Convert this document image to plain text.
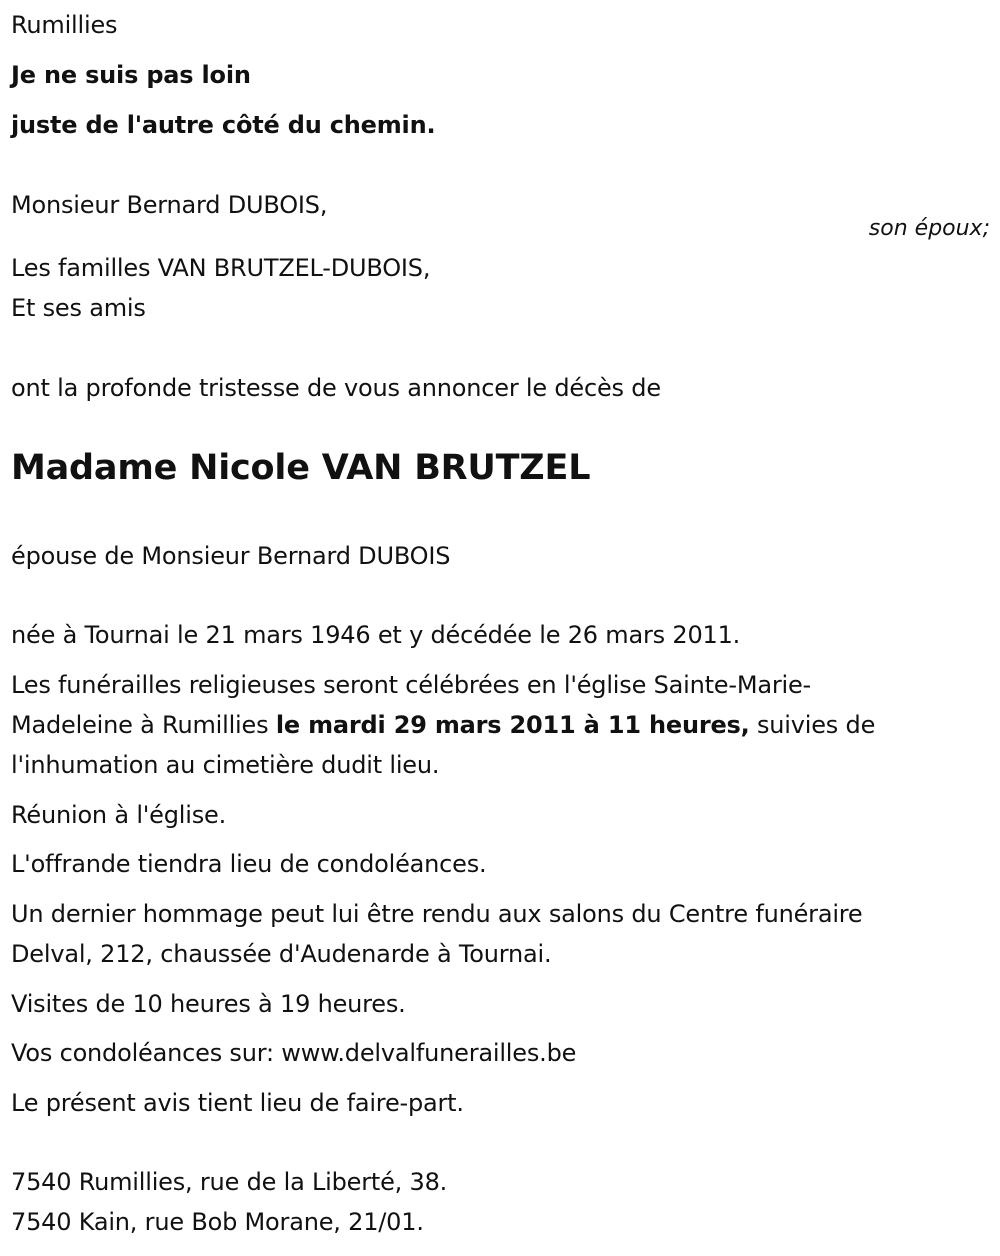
Rumillies
Je ne suis pas loin
juste de l'autre côté du chemin.
Monsieur Bernard DUBOIS,
son époux;
Les familles VAN BRUTZEL-DUBOIS,
Et ses amis
ont la profonde tristesse de vous annoncer le décès de
Madame Nicole VAN BRUTZEL
épouse de Monsieur Bernard DUBOIS
née à Tournai le 21 mars 1946 et y décédée le 26 mars 2011.
Les funérailles religieuses seront célébrées en l'église Sainte-Marie-
Madeleine à Rumillies le mardi 29 mars 2011 à 11 heures, suivies de
l'inhumation au cimetière dudit lieu.
Réunion à l'église.
L'offrande tiendra lieu de condoléances.
Un dernier hommage peut lui être rendu aux salons du Centre funéraire
Delval, 212, chaussée d'Audenarde à Tournai.
Visites de 10 heures à 19 heures.
Vos condoléances sur: www.delvalfunerailles.be
Le présent avis tient lieu de faire-part.
7540 Rumillies, rue de la Liberté, 38.
7540 Kain, rue Bob Morane, 21/01.
